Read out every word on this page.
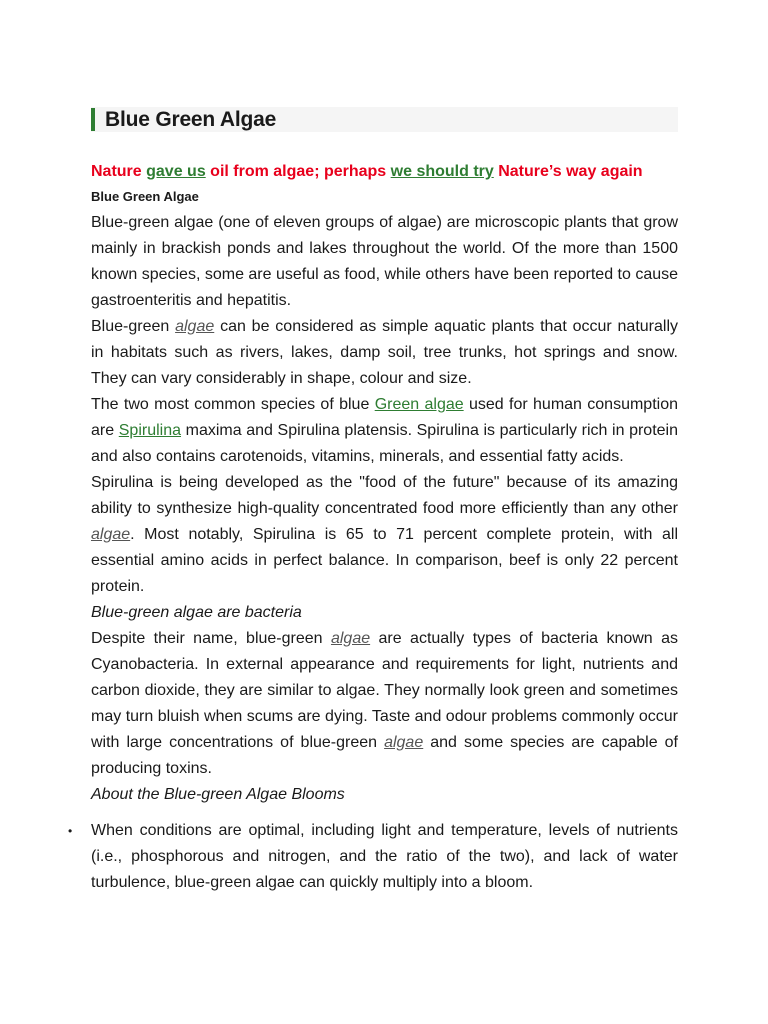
Blue Green Algae
Nature gave us oil from algae; perhaps we should try Nature’s way again
Blue Green Algae

Blue-green algae (one of eleven groups of algae) are microscopic plants that grow mainly in brackish ponds and lakes throughout the world. Of the more than 1500 known species, some are useful as food, while others have been reported to cause gastroenteritis and hepatitis.

Blue-green algae can be considered as simple aquatic plants that occur naturally in habitats such as rivers, lakes, damp soil, tree trunks, hot springs and snow. They can vary considerably in shape, colour and size.

The two most common species of blue Green algae used for human consumption are Spirulina maxima and Spirulina platensis. Spirulina is particularly rich in protein and also contains carotenoids, vitamins, minerals, and essential fatty acids.

Spirulina is being developed as the "food of the future" because of its amazing ability to synthesize high-quality concentrated food more efficiently than any other algae. Most notably, Spirulina is 65 to 71 percent complete protein, with all essential amino acids in perfect balance. In comparison, beef is only 22 percent protein.

Blue-green algae are bacteria

Despite their name, blue-green algae are actually types of bacteria known as Cyanobacteria. In external appearance and requirements for light, nutrients and carbon dioxide, they are similar to algae. They normally look green and sometimes may turn bluish when scums are dying. Taste and odour problems commonly occur with large concentrations of blue-green algae and some species are capable of producing toxins.

About the Blue-green Algae Blooms

• When conditions are optimal, including light and temperature, levels of nutrients (i.e., phosphorous and nitrogen, and the ratio of the two), and lack of water turbulence, blue-green algae can quickly multiply into a bloom.
